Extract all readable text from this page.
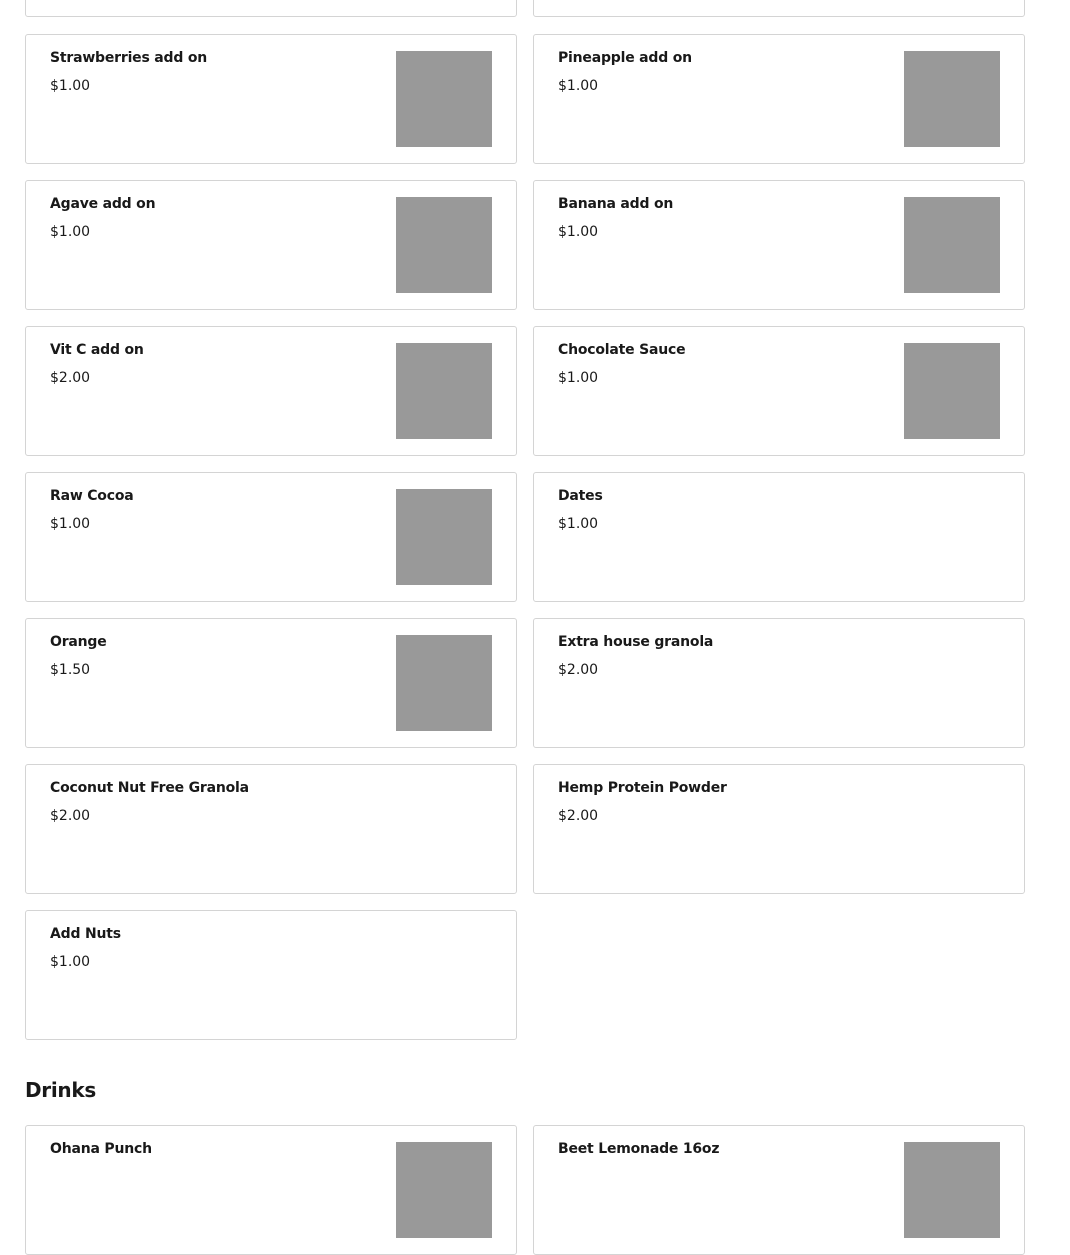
Strawberries add on
$1.00
Pineapple add on
$1.00
Agave add on
$1.00
Banana add on
$1.00
Vit C add on
$2.00
Chocolate Sauce
$1.00
Raw Cocoa
$1.00
Dates
$1.00
Orange
$1.50
Extra house granola
$2.00
Coconut Nut Free Granola
$2.00
Hemp Protein Powder
$2.00
Add Nuts
$1.00
Drinks
Ohana Punch	Beet Lemonade 16oz
